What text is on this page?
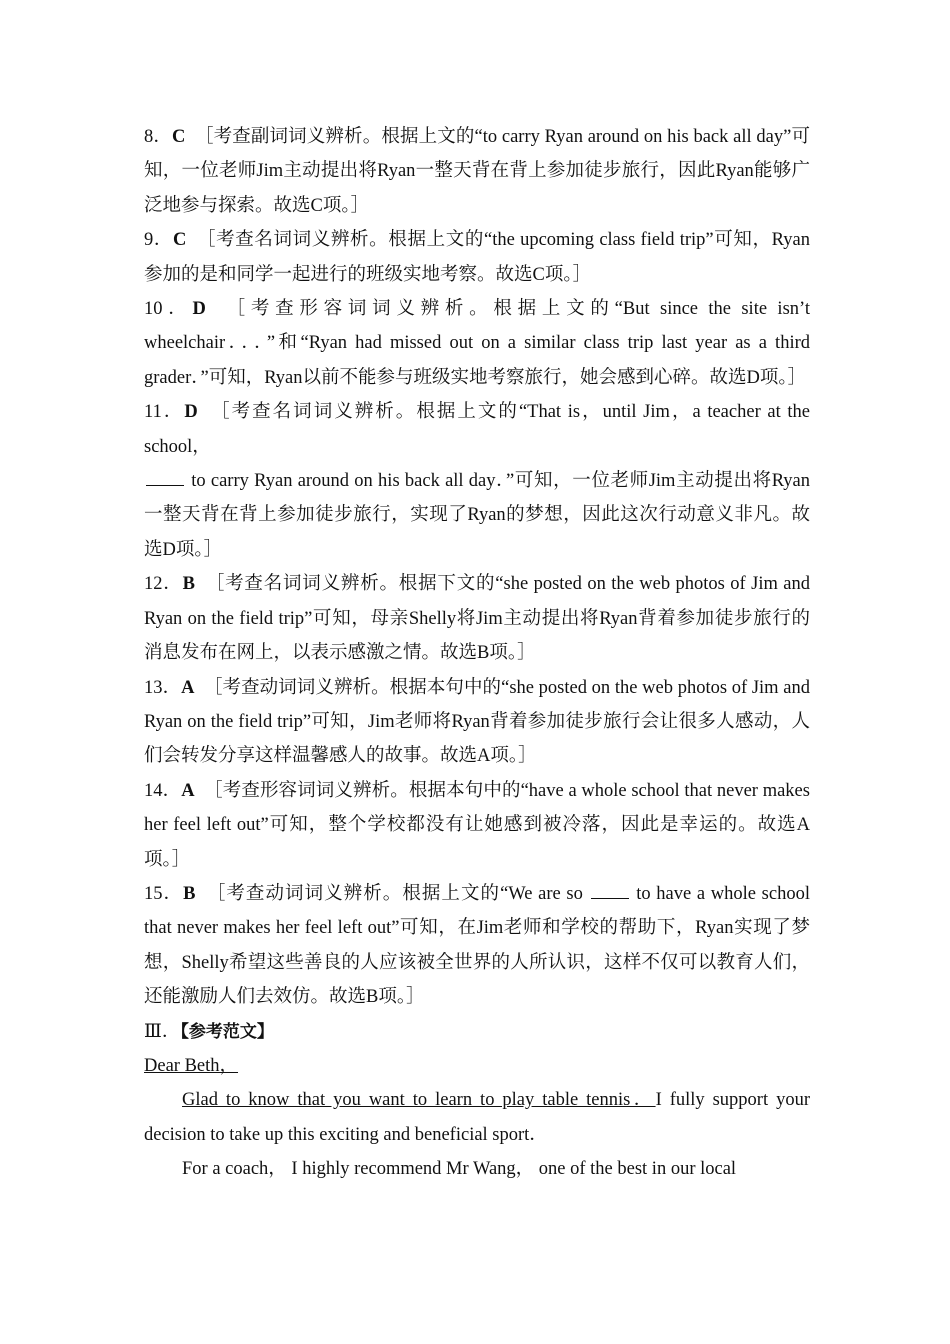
8．C　 ［考查副词词义辨析。根据上文的“to carry Ryan around on his back all day”可知，一位老师Jim主动提出将Ryan一整天背在背上参加徒步旅行，因此Ryan能够广泛地参与探索。故选C项。］

9．C　 ［考查名词词义辨析。根据上文的“the upcoming class field trip”可知，Ryan参加的是和同学一起进行的班级实地考察。故选C项。］

10．D　 ［考查形容词词义辨析。根据上文的“But since the site isn’t wheelchair．．．”和“Ryan had missed out on a similar class trip last year as a third grader．”可知，Ryan以前不能参与班级实地考察旅行，她会感到心碎。故选D项。］

11．D　 ［考查名词词义辨析。根据上文的“That is，until Jim，a teacher at the school，
to carry Ryan around on his back all day．”可知，一位老师Jim主动提出将Ryan一整天背在背上参加徒步旅行，实现了Ryan的梦想，因此这次行动意义非凡。故选D项。］

12．B　 ［考查名词词义辨析。根据下文的“she posted on the web photos of Jim and Ryan on the field trip”可知，母亲Shelly将Jim主动提出将Ryan背着参加徒步旅行的消息发布在网上，以表示感激之情。故选B项。］

13．A　 ［考查动词词义辨析。根据本句中的“she posted on the web photos of Jim and Ryan on the field trip”可知，Jim老师将Ryan背着参加徒步旅行会让很多人感动，人们会转发分享这样温馨感人的故事。故选A项。］

14．A　 ［考查形容词词义辨析。根据本句中的“have a whole school that never makes her feel left out”可知，整个学校都没有让她感到被冷落，因此是幸运的。故选A项。］

15．B　 ［考查动词词义辨析。根据上文的“We are so  to have a whole school that never makes her feel left out”可知，在Jim老师和学校的帮助下，Ryan实现了梦想，Shelly希望这些善良的人应该被全世界的人所认识，这样不仅可以教育人们，还能激励人们去效仿。故选B项。］

Ⅲ．【参考范文】

Dear Beth，

Glad to know that you want to learn to play table tennis．I fully support your decision to take up this exciting and beneficial sport．

For a coach， I highly recommend Mr Wang， one of the best in our local
